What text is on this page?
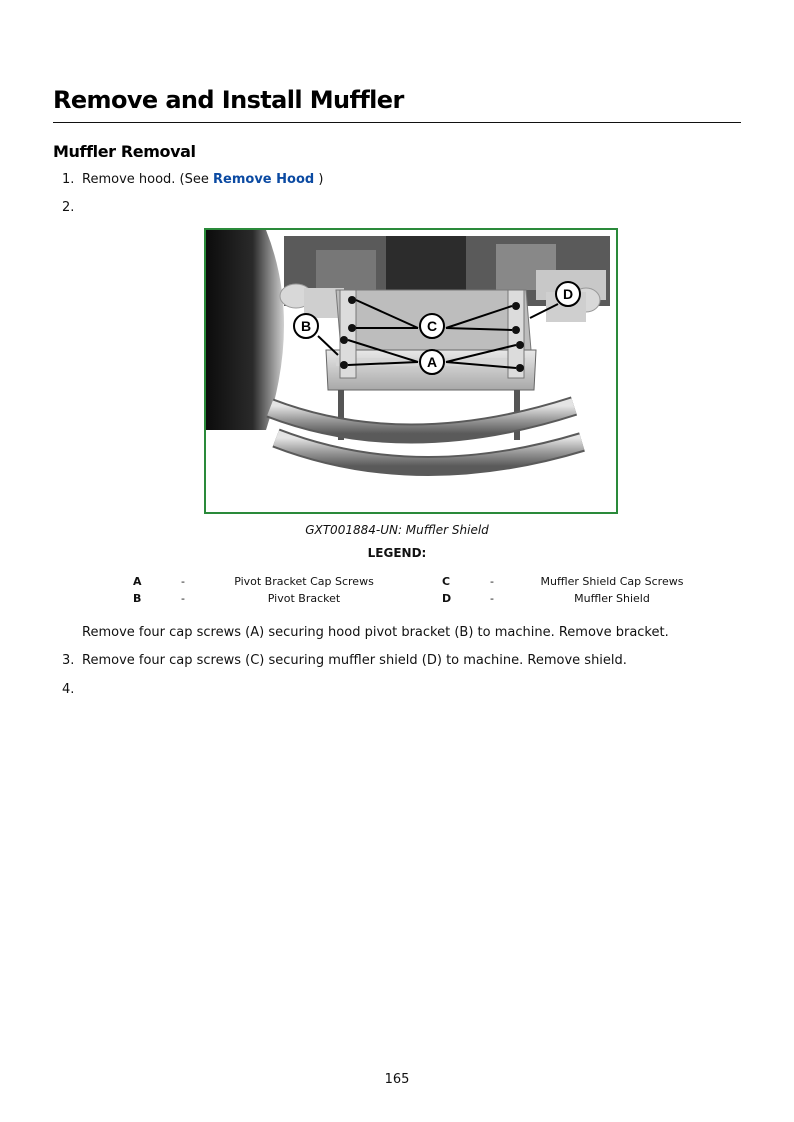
Remove and Install Muffler
Muffler Removal
1. Remove hood. (See Remove Hood )
2.
A
B	C
D
GXT001884-UN: Muffler Shield
LEGEND:
A	-	Pivot Bracket Cap Screws	C	-	Muffler Shield Cap Screws
B	-	Pivot Bracket	D	-	Muffler Shield
Remove four cap screws (A) securing hood pivot bracket (B) to machine. Remove bracket.
3. Remove four cap screws (C) securing muffler shield (D) to machine. Remove shield.
4.
165
